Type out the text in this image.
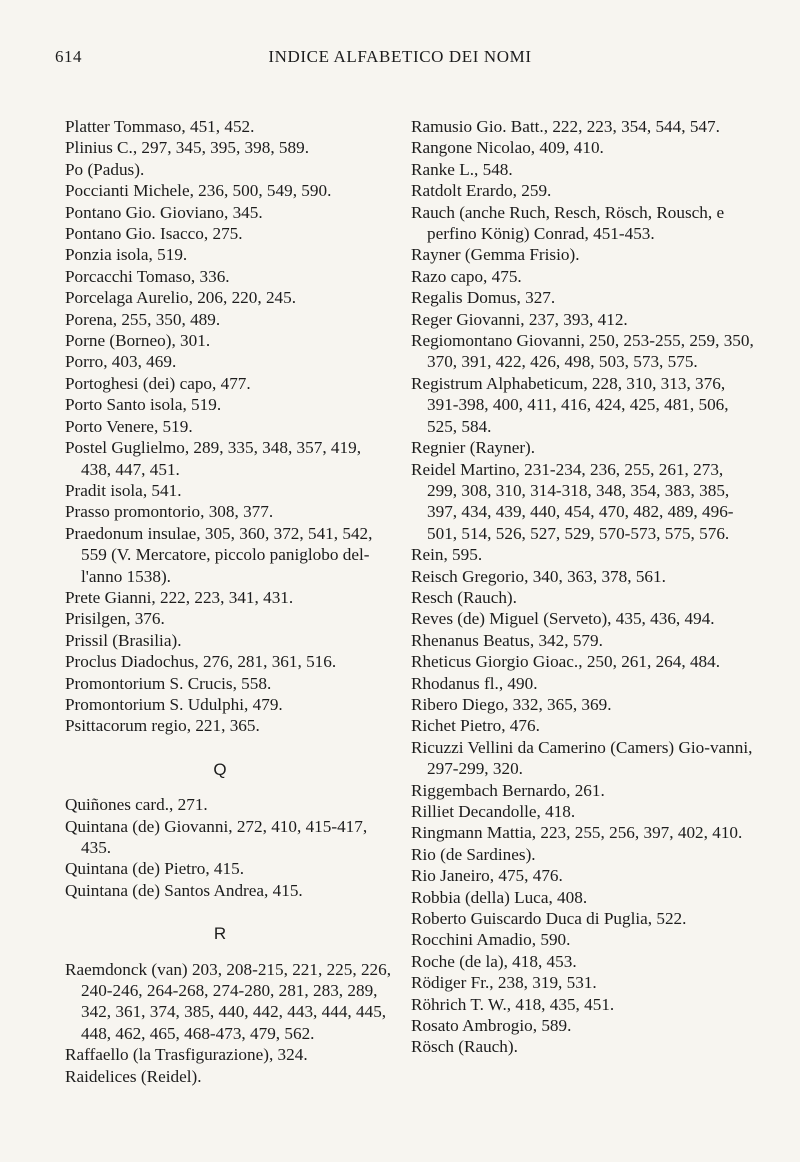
614	INDICE ALFABETICO DEI NOMI

Platter Tommaso, 451, 452.

Plinius C., 297, 345, 395, 398, 589.

Po (Padus).

Poccianti Michele, 236, 500, 549, 590.

Pontano Gio. Gioviano, 345.

Pontano Gio. Isacco, 275.

Ponzia isola, 519.

Porcacchi Tomaso, 336.

Porcelaga Aurelio, 206, 220, 245.

Porena, 255, 350, 489.

Porne (Borneo), 301.

Porro, 403, 469.

Portoghesi (dei) capo, 477.

Porto Santo isola, 519.

Porto Venere, 519.

Postel Guglielmo, 289, 335, 348, 357, 419, 438, 447, 451.

Pradit isola, 541.

Prasso promontorio, 308, 377.

Praedonum insulae, 305, 360, 372, 541, 542, 559 (V. Mercatore, piccolo paniglobo del-l'anno 1538).

Prete Gianni, 222, 223, 341, 431.

Prisilgen, 376.

Prissil (Brasilia).

Proclus Diadochus, 276, 281, 361, 516.

Promontorium S. Crucis, 558.

Promontorium S. Udulphi, 479.

Psittacorum regio, 221, 365.

Q

Quiñones card., 271.

Quintana (de) Giovanni, 272, 410, 415-417, 435.

Quintana (de) Pietro, 415.

Quintana (de) Santos Andrea, 415.

R

Raemdonck (van) 203, 208-215, 221, 225, 226, 240-246, 264-268, 274-280, 281, 283, 289, 342, 361, 374, 385, 440, 442, 443, 444, 445, 448, 462, 465, 468-473, 479, 562.

Raffaello (la Trasfigurazione), 324.

Raidelices (Reidel).

Ramusio Gio. Batt., 222, 223, 354, 544, 547.

Rangone Nicolao, 409, 410.

Ranke L., 548.

Ratdolt Erardo, 259.

Rauch (anche Ruch, Resch, Rösch, Rousch, e perfino König) Conrad, 451-453.

Rayner (Gemma Frisio).

Razo capo, 475.

Regalis Domus, 327.

Reger Giovanni, 237, 393, 412.

Regiomontano Giovanni, 250, 253-255, 259, 350, 370, 391, 422, 426, 498, 503, 573, 575.

Registrum Alphabeticum, 228, 310, 313, 376, 391-398, 400, 411, 416, 424, 425, 481, 506, 525, 584.

Regnier (Rayner).

Reidel Martino, 231-234, 236, 255, 261, 273, 299, 308, 310, 314-318, 348, 354, 383, 385, 397, 434, 439, 440, 454, 470, 482, 489, 496-501, 514, 526, 527, 529, 570-573, 575, 576.

Rein, 595.

Reisch Gregorio, 340, 363, 378, 561.

Resch (Rauch).

Reves (de) Miguel (Serveto), 435, 436, 494.

Rhenanus Beatus, 342, 579.

Rheticus Giorgio Gioac., 250, 261, 264, 484.

Rhodanus fl., 490.

Ribero Diego, 332, 365, 369.

Richet Pietro, 476.

Ricuzzi Vellini da Camerino (Camers) Gio-vanni, 297-299, 320.

Riggembach Bernardo, 261.

Rilliet Decandolle, 418.

Ringmann Mattia, 223, 255, 256, 397, 402, 410.

Rio (de Sardines).

Rio Janeiro, 475, 476.

Robbia (della) Luca, 408.

Roberto Guiscardo Duca di Puglia, 522.

Rocchini Amadio, 590.

Roche (de la), 418, 453.

Rödiger Fr., 238, 319, 531.

Röhrich T. W., 418, 435, 451.

Rosato Ambrogio, 589.

Rösch (Rauch).
